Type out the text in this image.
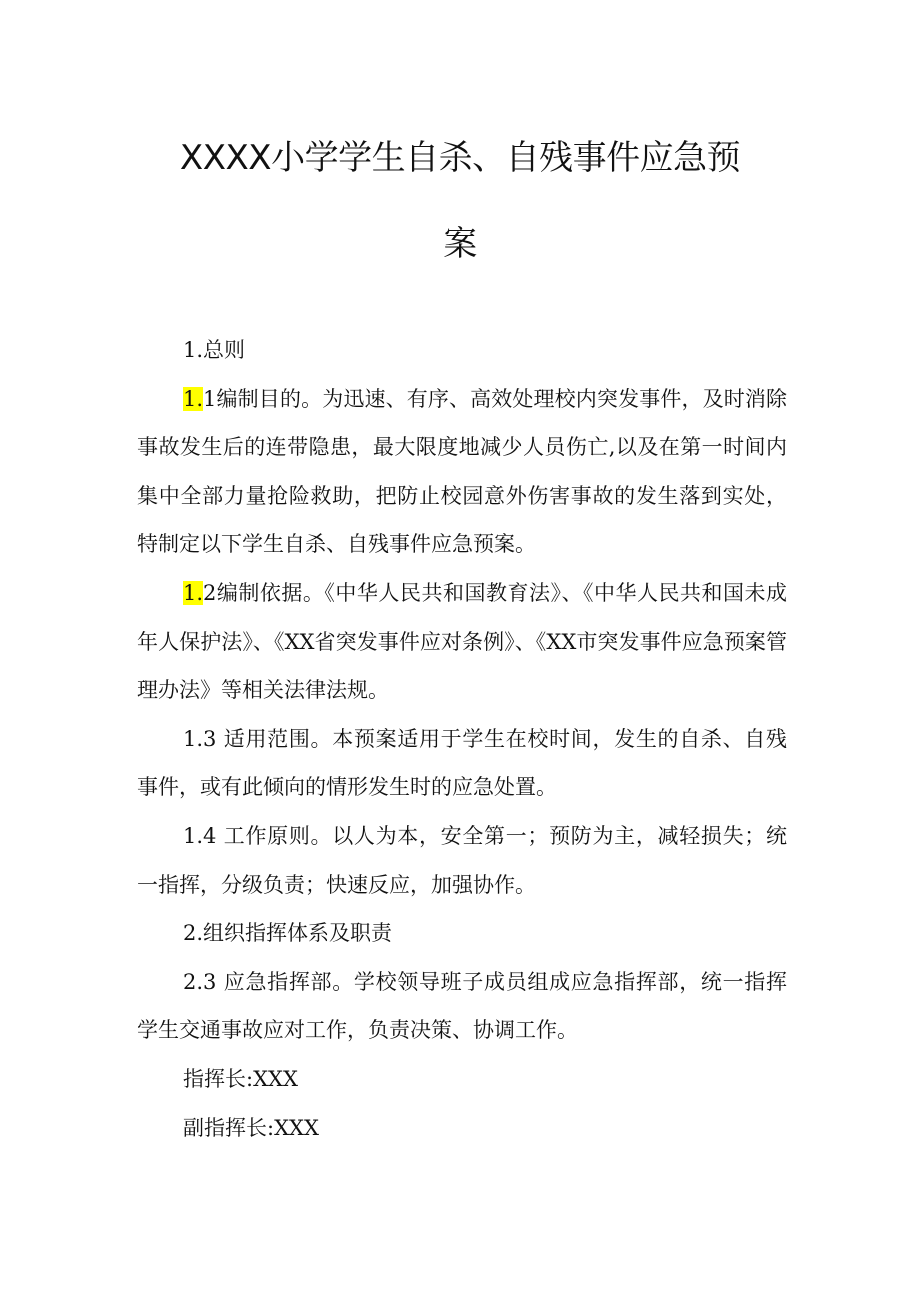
XXXX小学学生自杀、自残事件应急预
案

1.总则

1.1编制目的。为迅速、有序、高效处理校内突发事件，及时消除事故发生后的连带隐患，最大限度地减少人员伤亡,以及在第一时间内集中全部力量抢险救助，把防止校园意外伤害事故的发生落到实处，特制定以下学生自杀、自残事件应急预案。

1.2编制依据。《中华人民共和国教育法》、《中华人民共和国未成年人保护法》、《XX省突发事件应对条例》、《XX市突发事件应急预案管理办法》等相关法律法规。

1.3 适用范围。本预案适用于学生在校时间，发生的自杀、自残事件，或有此倾向的情形发生时的应急处置。

1.4 工作原则。以人为本，安全第一；预防为主，减轻损失；统一指挥，分级负责；快速反应，加强协作。

2.组织指挥体系及职责

2.3 应急指挥部。学校领导班子成员组成应急指挥部，统一指挥学生交通事故应对工作，负责决策、协调工作。

指挥长:XXX

副指挥长:XXX
